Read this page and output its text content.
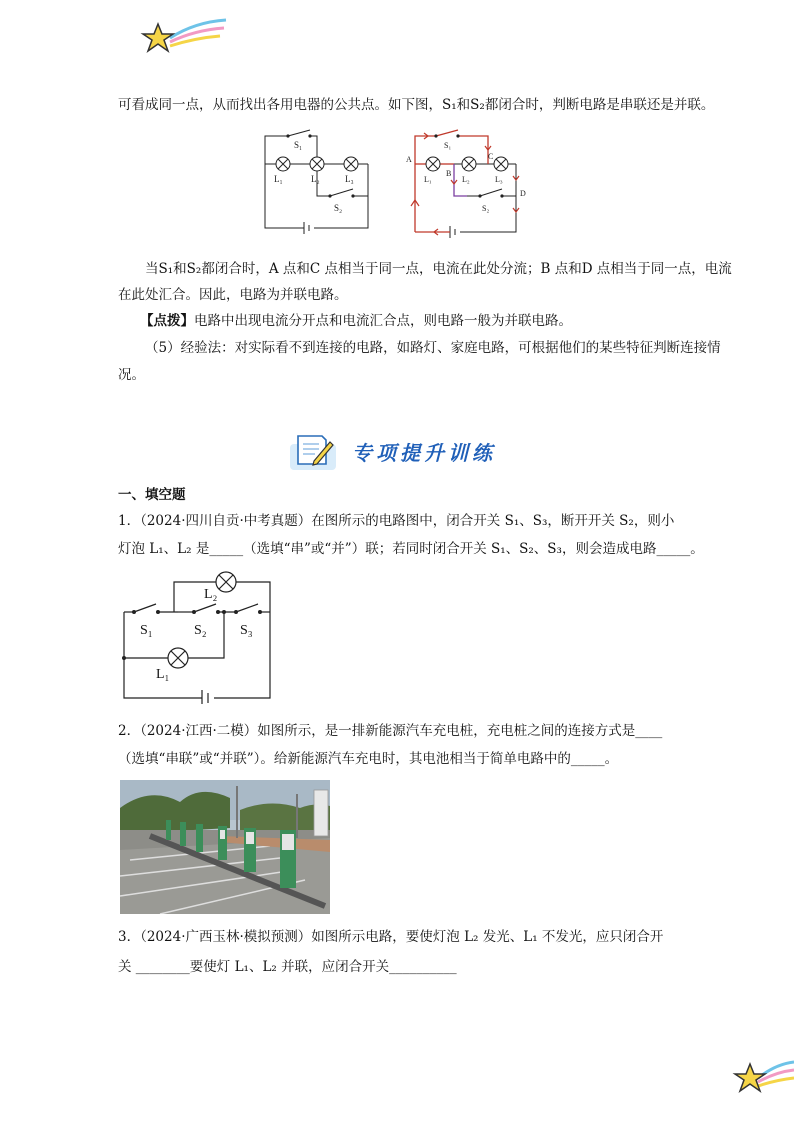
可看成同一点，从而找出各用电器的公共点。如下图，S₁和S₂都闭合时，判断电路是串联还是并联。
S₁
L₁	L₂	L₃
S₂
A
B
C
D
S₁
L₁	L₂	L₃
S₂
当S₁和S₂都闭合时，A 点和C 点相当于同一点，电流在此处分流；B 点和D 点相当于同一点，电流
在此处汇合。因此，电路为并联电路。
【点拨】电路中出现电流分开点和电流汇合点，则电路一般为并联电路。
（5）经验法：对实际看不到连接的电路，如路灯、家庭电路，可根据他们的某些特征判断连接情
况。
专项提升训练
一、填空题
1．（2024·四川自贡·中考真题）在图所示的电路图中，闭合开关 S₁、S₃，断开开关 S₂，则小
灯泡 L₁、L₂ 是_____（选填“串”或“并”）联；若同时闭合开关 S₁、S₂、S₃，则会造成电路_____。
L₂
S₁	S₂ S₃
L₁
2．（2024·江西·二模）如图所示，是一排新能源汽车充电桩，充电桩之间的连接方式是____
（选填“串联”或“并联”）。给新能源汽车充电时，其电池相当于简单电路中的_____。
3．（2024·广西玉林·模拟预测）如图所示电路，要使灯泡 L₂ 发光、L₁ 不发光，应只闭合开
关 ________要使灯 L₁、L₂ 并联，应闭合开关__________
